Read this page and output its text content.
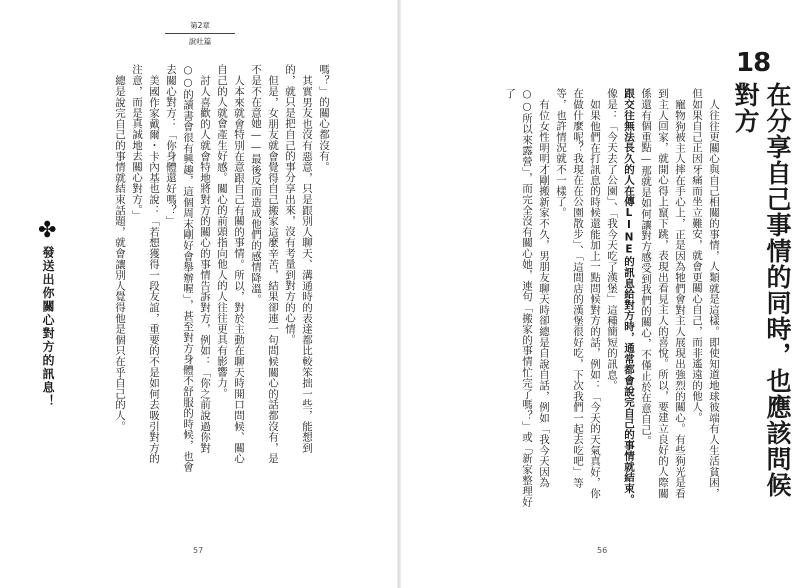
第2章
說吐篇

嗎？」的關心都沒有。

其實男友也沒有惡意，只是跟別人聊天、溝通時的表達都比較笨拙一些，能想到的，就只是把自己的事分享出來，沒有考量到對方的心情。

但是，女朋友就會覺得自己搬家這麼辛苦，結果卻連一句問候關心的話都沒有，是不是不在意她——最後反而造成他們的感情降溫。

人本來就會特別在意跟自己有關的事情。所以，對於主動在聊天時開口問候、關心自己的人就會產生好感。關心的前頭指向他人的人往往更具有影響力。

討人喜歡的人就會特地將對方的關心的事情告訴對方，例如：「你之前說過你對○○的讀書會很有興趣，這個周末剛好會舉辦喔」，甚至對方身體不舒服的時候，也會去關心對方：「你身體還好嗎？」

美國作家戴爾・卡內基也說：「若想獲得一段友誼，重要的不是如何去吸引對方的注意，而是真誠地去關心對方。」

總是說完自己的事情就結束話題，就會讓別人覺得他是個只在乎自己的人。

✤
發送出你關心對方的訊息！
57

人往往更關心與自己相關的事情，人類就是這樣。即使知道地球彼端有人生活貧困，但如果自己正因牙痛而坐立難安，就會更關心自己，而非遙遠的他人。

寵物狗被主人摔在手心上，正是因為牠們會對主人展現出強烈的關心。有些狗光是看到主人回家，就開心得上竄下跳，表現出看見主人的喜悅。所以，要建立良好的人際關係還有個重點—那就是如何讓對方感受到我們的關心，不僅止於在意自己。

跟交往無法長久的人在傳LINE的訊息給對方時，通常都會說完自己的事情就結束。

像是：「今天去了公園」、「我今天吃了漢堡」這種簡短的訊息。

如果他們在打訊息的時候還能加上一點問候對方的話，例如：「今天的天氣真好，你在做什麼呢？我現在在公園散步」、「這間店的漢堡很好吃，下次我們一起去吃吧」等等，也許情況就不一樣了。

有位女性明明才剛搬新家不久，男朋友聊天時卻總是自說自話，例如「我今天因為○○所以來露營」，而完全沒有關心她，連句「搬家的事情忙完了嗎？」或「新家整理好了

56
18
在分享自己事情的同時，也應該問候對方
